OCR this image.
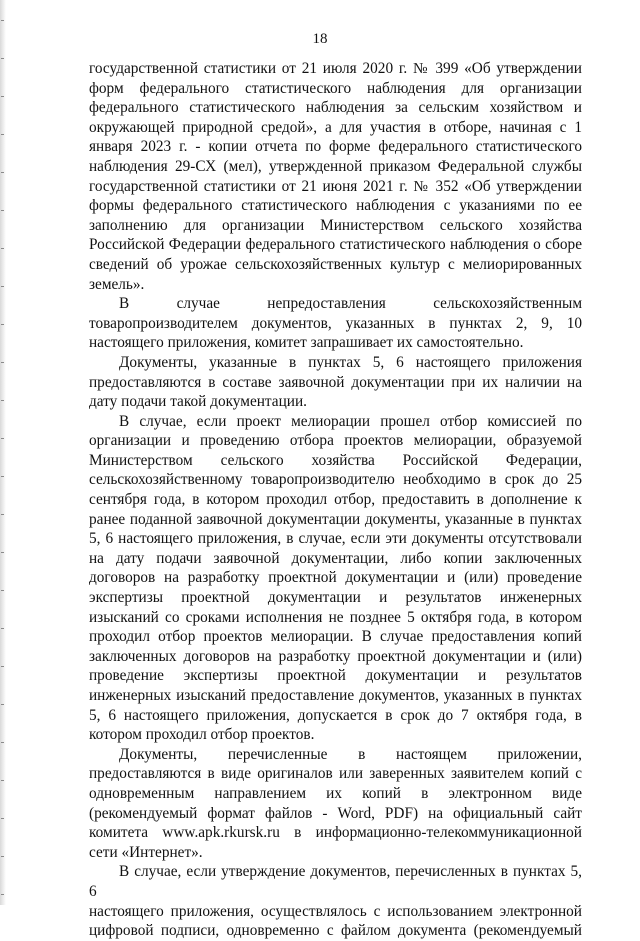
18

государственной статистики от 21 июля 2020 г. № 399 «Об утверждении

форм федерального статистического наблюдения для организации

федерального статистического наблюдения за сельским хозяйством и

окружающей природной средой», а для участия в отборе, начиная с 1

января 2023 г. - копии отчета по форме федерального статистического

наблюдения 29-СХ (мел), утвержденной приказом Федеральной службы

государственной статистики от 21 июня 2021 г. № 352 «Об утверждении

формы федерального статистического наблюдения с указаниями по ее

заполнению для организации Министерством сельского хозяйства

Российской Федерации федерального статистического наблюдения о сборе

сведений об урожае сельскохозяйственных культур с мелиорированных

земель».

В случае непредоставления сельскохозяйственным

товаропроизводителем документов, указанных в пунктах 2, 9, 10

настоящего приложения, комитет запрашивает их самостоятельно.

Документы, указанные в пунктах 5, 6 настоящего приложения

предоставляются в составе заявочной документации при их наличии на

дату подачи такой документации.

В случае, если проект мелиорации прошел отбор комиссией по

организации и проведению отбора проектов мелиорации, образуемой

Министерством сельского хозяйства Российской Федерации,

сельскохозяйственному товаропроизводителю необходимо в срок до 25

сентября года, в котором проходил отбор, предоставить в дополнение к

ранее поданной заявочной документации документы, указанные в пунктах

5, 6 настоящего приложения, в случае, если эти документы отсутствовали

на дату подачи заявочной документации, либо копии заключенных

договоров на разработку проектной документации и (или) проведение

экспертизы проектной документации и результатов инженерных

изысканий со сроками исполнения не позднее 5 октября года, в котором

проходил отбор проектов мелиорации. В случае предоставления копий

заключенных договоров на разработку проектной документации и (или)

проведение экспертизы проектной документации и результатов

инженерных изысканий предоставление документов, указанных в пунктах

5, 6 настоящего приложения, допускается в срок до 7 октября года, в

котором проходил отбор проектов.

Документы, перечисленные в настоящем приложении,

предоставляются в виде оригиналов или заверенных заявителем копий с

одновременным направлением их копий в электронном виде

(рекомендуемый формат файлов - Word, PDF) на официальный сайт

комитета www.apk.rkursk.ru в информационно-телекоммуникационной

сети «Интернет».

В случае, если утверждение документов, перечисленных в пунктах 5, 6

настоящего приложения, осуществлялось с использованием электронной

цифровой подписи, одновременно с файлом документа (рекомендуемый
